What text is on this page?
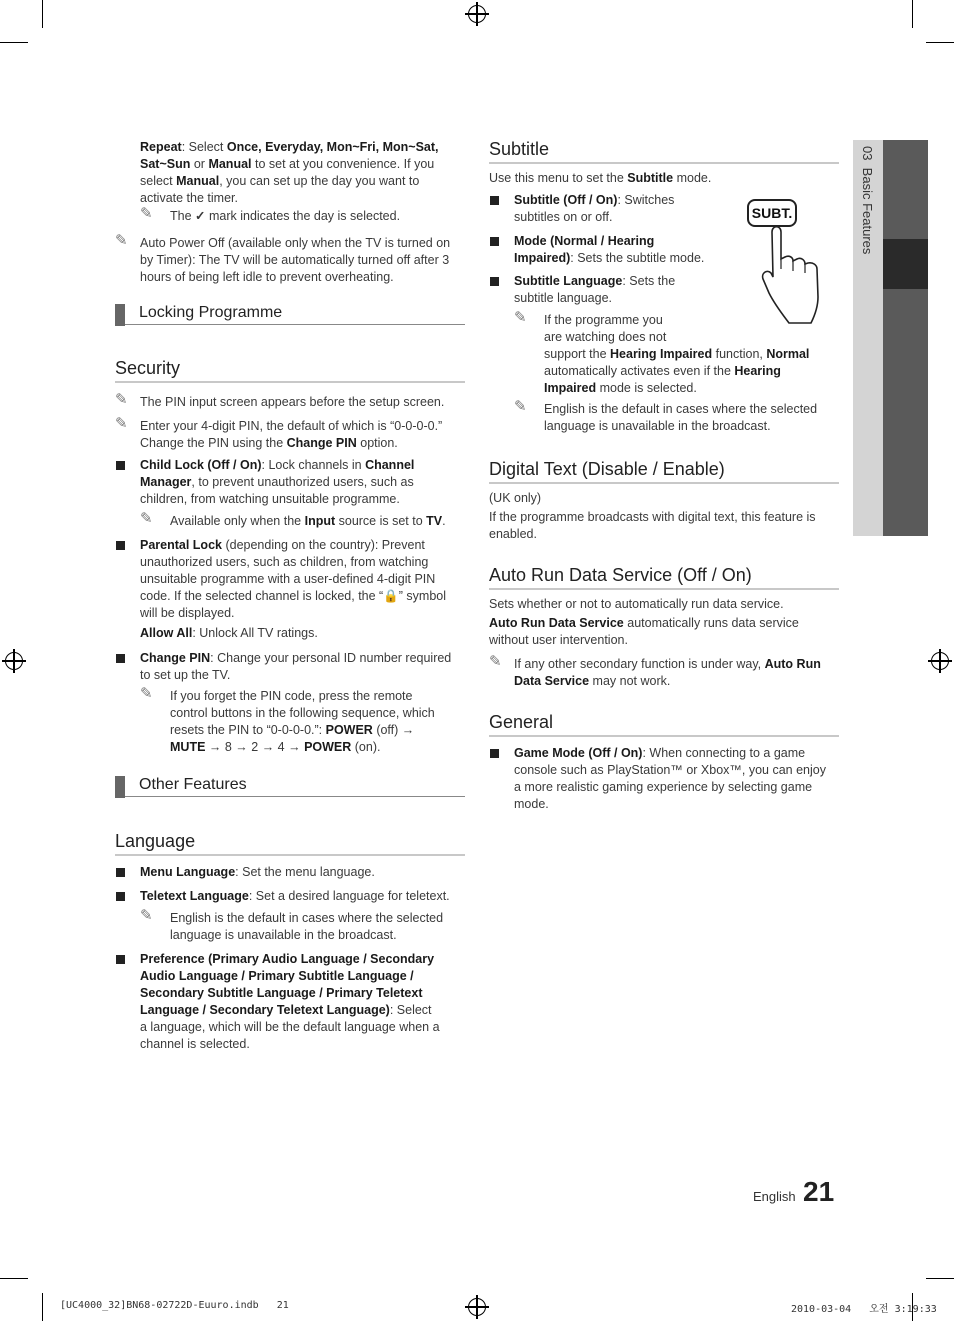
03  Basic Features
Repeat: Select Once, Everyday, Mon~Fri, Mon~Sat,
Sat~Sun or Manual to set at you convenience. If you
select Manual, you can set up the day you want to
activate the timer.
✎ The ✓ mark indicates the day is selected.
✎ Auto Power Off (available only when the TV is turned on
by Timer): The TV will be automatically turned off after 3
hours of being left idle to prevent overheating.
Locking Programme
Security
✎ The PIN input screen appears before the setup screen.
✎ Enter your 4-digit PIN, the default of which is “0-0-0-0.”
Change the PIN using the Change PIN option.
Child Lock (Off / On): Lock channels in Channel
Manager, to prevent unauthorized users, such as
children, from watching unsuitable programme.
✎ Available only when the Input source is set to TV.
Parental Lock (depending on the country): Prevent
unauthorized users, such as children, from watching
unsuitable programme with a user-defined 4-digit PIN
code. If the selected channel is locked, the “🔒” symbol
will be displayed.
Allow All: Unlock All TV ratings.
Change PIN: Change your personal ID number required
to set up the TV.
✎ If you forget the PIN code, press the remote
control buttons in the following sequence, which
resets the PIN to “0-0-0-0.”: POWER (off) →
MUTE → 8 → 2 → 4 → POWER (on).
Other Features
Language
Menu Language: Set the menu language.
Teletext Language: Set a desired language for teletext.
✎ English is the default in cases where the selected
language is unavailable in the broadcast.
Preference (Primary Audio Language / Secondary
Audio Language / Primary Subtitle Language /
Secondary Subtitle Language / Primary Teletext
Language / Secondary Teletext Language): Select
a language, which will be the default language when a
channel is selected.
Subtitle
Use this menu to set the Subtitle mode.
Subtitle (Off / On): Switches
subtitles on or off.
Mode (Normal / Hearing
Impaired): Sets the subtitle mode.
Subtitle Language: Sets the
subtitle language.
✎ If the programme you
are watching does not
support the Hearing Impaired function, Normal
automatically activates even if the Hearing
Impaired mode is selected.
✎ English is the default in cases where the selected
language is unavailable in the broadcast.
SUBT.
Digital Text (Disable / Enable)
(UK only)
If the programme broadcasts with digital text, this feature is
enabled.
Auto Run Data Service (Off / On)
Sets whether or not to automatically run data service.
Auto Run Data Service automatically runs data service
without user intervention.
✎ If any other secondary function is under way, Auto Run
Data Service may not work.
General
Game Mode (Off / On): When connecting to a game
console such as PlayStation™ or Xbox™, you can enjoy
a more realistic gaming experience by selecting game
mode.
English 21
[UC4000_32]BN68-02722D-Euuro.indb   21	2010-03-04   오전 3:19:33
